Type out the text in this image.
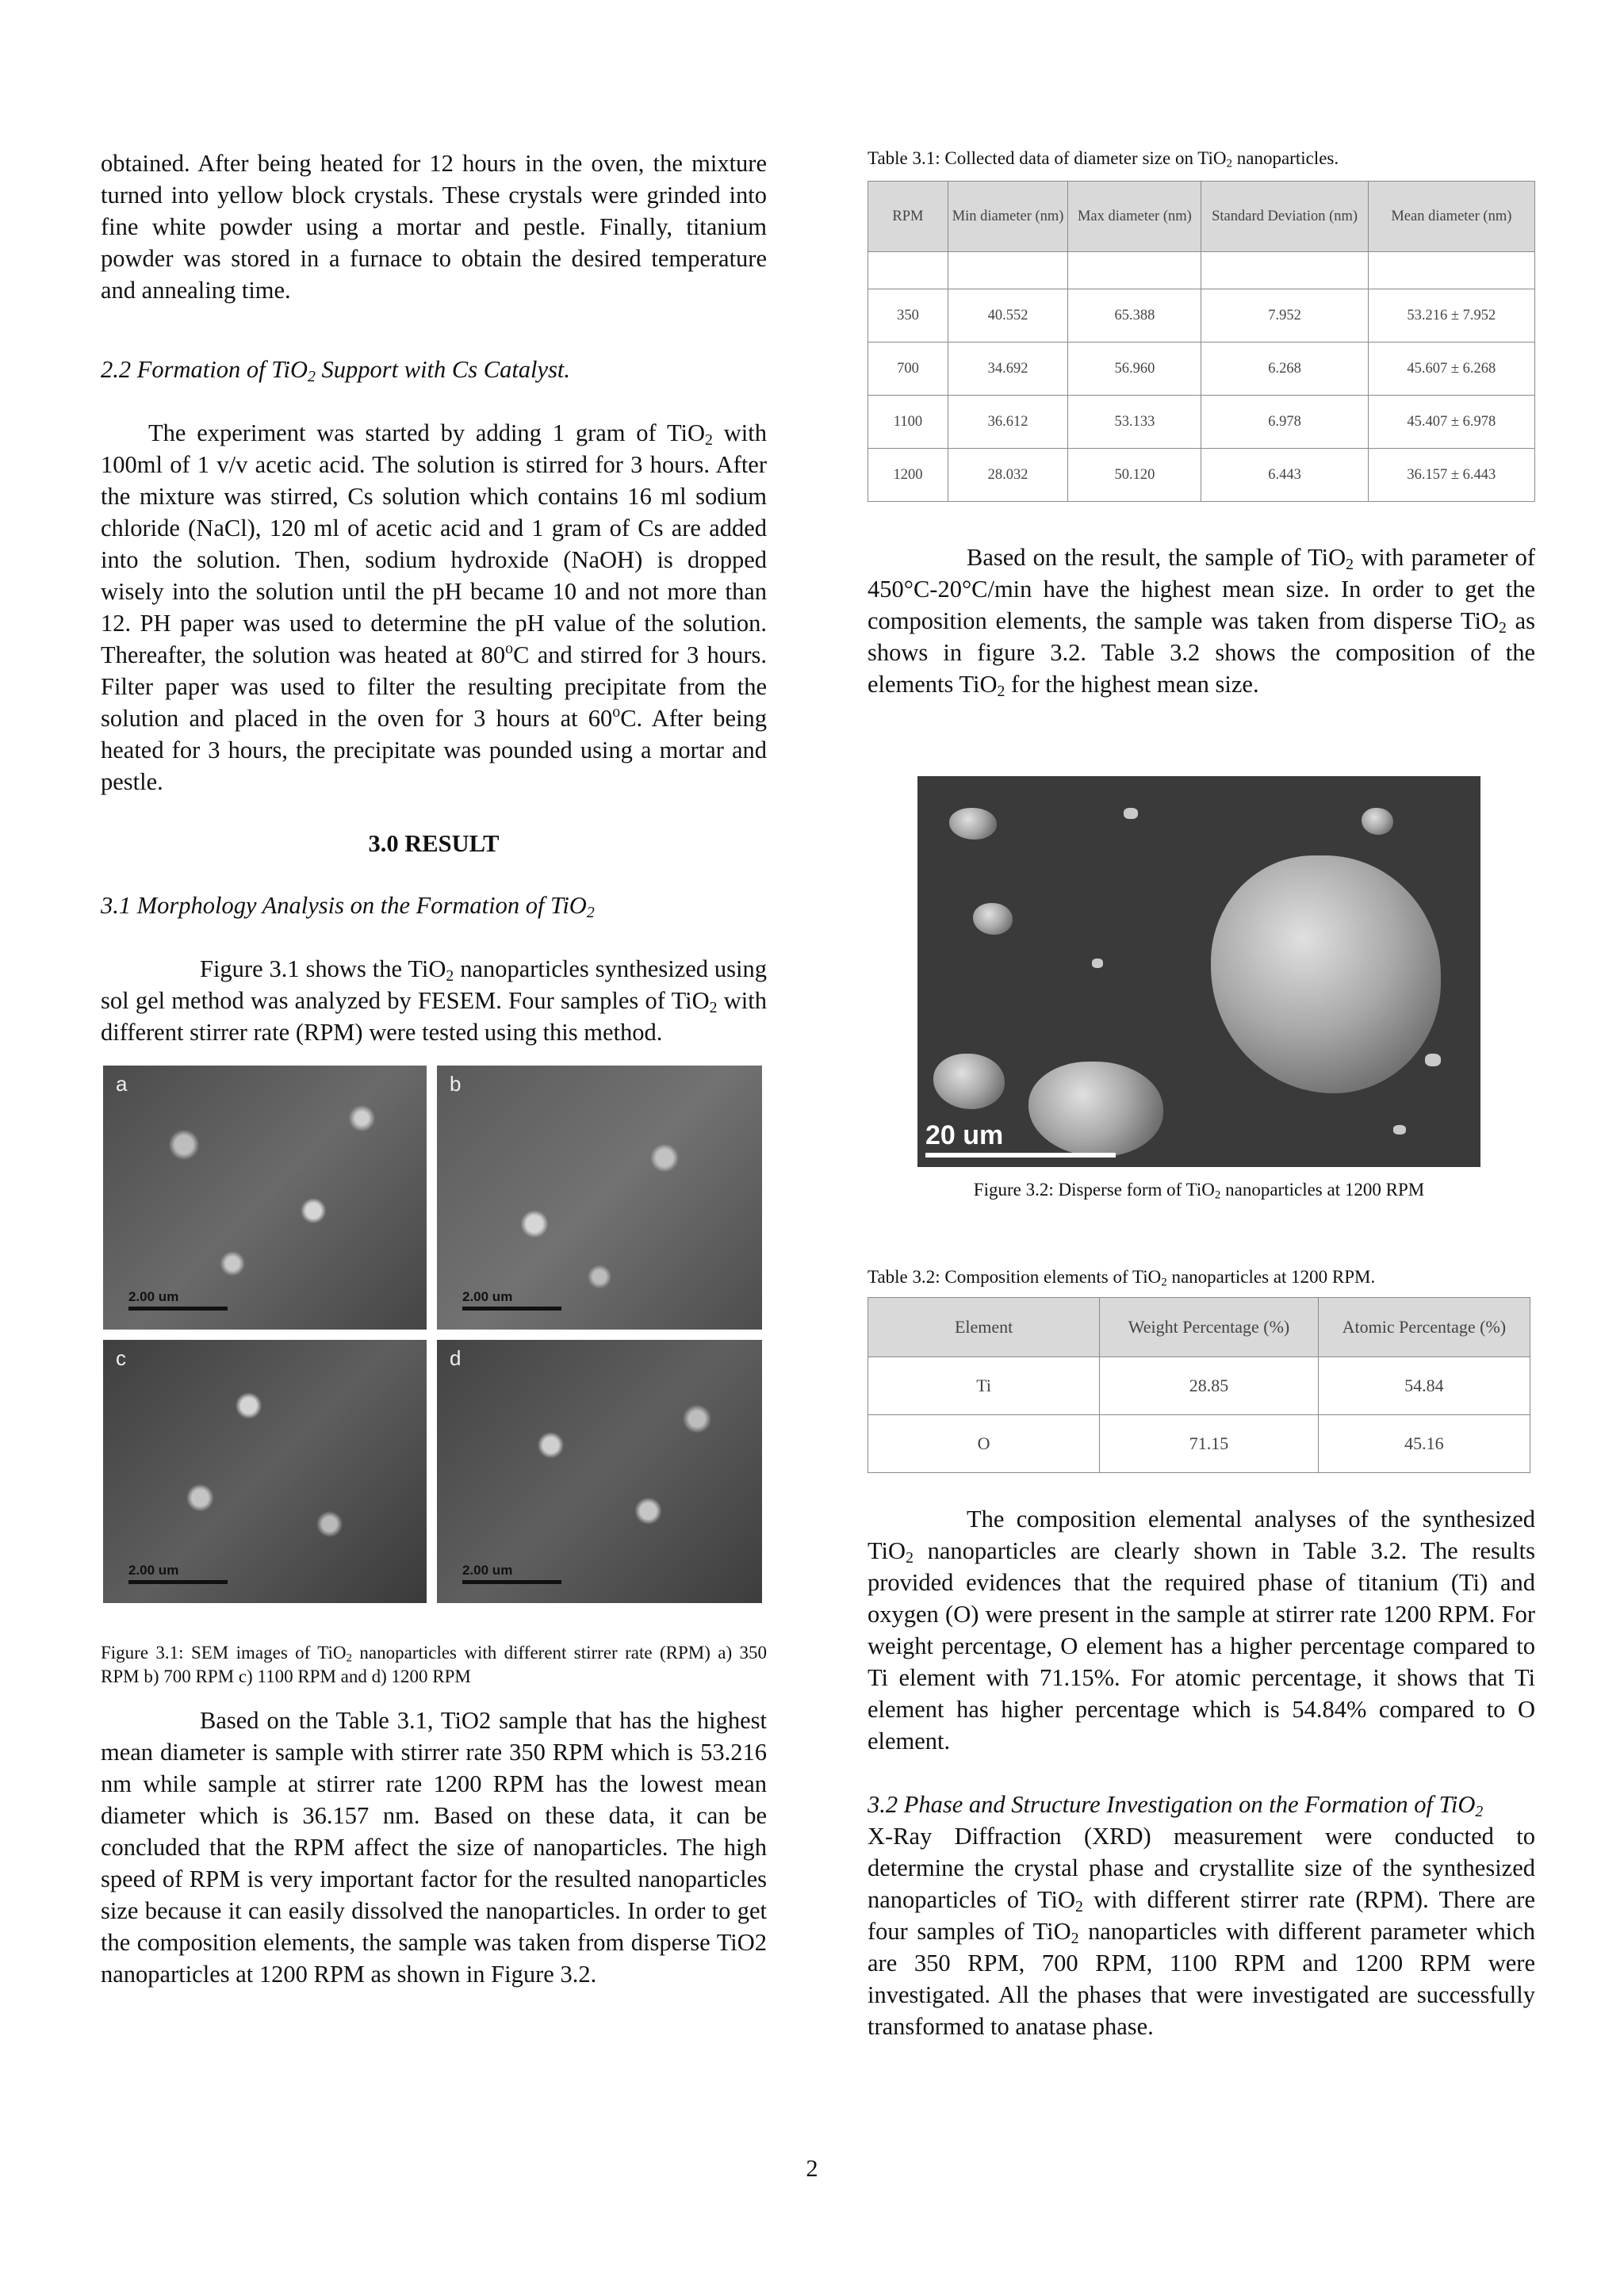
obtained. After being heated for 12 hours in the oven, the mixture turned into yellow block crystals. These crystals were grinded into fine white powder using a mortar and pestle. Finally, titanium powder was stored in a furnace to obtain the desired temperature and annealing time.

2.2 Formation of TiO$_2$ Support with Cs Catalyst.

The experiment was started by adding 1 gram of TiO$_2$ with 100ml of 1 v/v acetic acid. The solution is stirred for 3 hours. After the mixture was stirred, Cs solution which contains 16 ml sodium chloride (NaCl), 120 ml of acetic acid and 1 gram of Cs are added into the solution. Then, sodium hydroxide (NaOH) is dropped wisely into the solution until the pH became 10 and not more than 12. PH paper was used to determine the pH value of the solution. Thereafter, the solution was heated at 80$^o$C and stirred for 3 hours. Filter paper was used to filter the resulting precipitate from the solution and placed in the oven for 3 hours at 60$^o$C. After being heated for 3 hours, the precipitate was pounded using a mortar and pestle.

3.0 RESULT

3.1 Morphology Analysis on the Formation of TiO$_2$

Figure 3.1 shows the TiO$_2$ nanoparticles synthesized using sol gel method was analyzed by FESEM. Four samples of TiO$_2$ with different stirrer rate (RPM) were tested using this method.

a
2.00 um
b
2.00 um
c
2.00 um
d
2.00 um

Figure 3.1: SEM images of TiO$_2$ nanoparticles with different stirrer rate (RPM) a) 350 RPM b) 700 RPM c) 1100 RPM and d) 1200 RPM

Based on the Table 3.1, TiO2 sample that has the highest mean diameter is sample with stirrer rate 350 RPM which is 53.216 nm while sample at stirrer rate 1200 RPM has the lowest mean diameter which is 36.157 nm. Based on these data, it can be concluded that the RPM affect the size of nanoparticles. The high speed of RPM is very important factor for the resulted nanoparticles size because it can easily dissolved the nanoparticles. In order to get the composition elements, the sample was taken from disperse TiO2 nanoparticles at 1200 RPM as shown in Figure 3.2.

Table 3.1: Collected data of diameter size on TiO$_2$ nanoparticles.

RPM	Min diameter (nm)	Max diameter (nm)	Standard Deviation (nm)	Mean diameter (nm)

350	40.552	65.388	7.952	53.216 ± 7.952
700	34.692	56.960	6.268	45.607 ± 6.268
1100	36.612	53.133	6.978	45.407 ± 6.978
1200	28.032	50.120	6.443	36.157 ± 6.443

Based on the result, the sample of TiO$_2$ with parameter of 450°C-20°C/min have the highest mean size. In order to get the composition elements, the sample was taken from disperse TiO$_2$ as shows in figure 3.2. Table 3.2 shows the composition of the elements TiO$_2$ for the highest mean size.

20 um

Figure 3.2: Disperse form of TiO$_2$ nanoparticles at 1200 RPM

Table 3.2: Composition elements of TiO$_2$ nanoparticles at 1200 RPM.

Element	Weight Percentage (%)	Atomic Percentage (%)
Ti	28.85	54.84
O	71.15	45.16

The composition elemental analyses of the synthesized TiO$_2$ nanoparticles are clearly shown in Table 3.2. The results provided evidences that the required phase of titanium (Ti) and oxygen (O) were present in the sample at stirrer rate 1200 RPM. For weight percentage, O element has a higher percentage compared to Ti element with 71.15%. For atomic percentage, it shows that Ti element has higher percentage which is 54.84% compared to O element.

3.2 Phase and Structure Investigation on the Formation of TiO$_2$

X-Ray Diffraction (XRD) measurement were conducted to determine the crystal phase and crystallite size of the synthesized nanoparticles of TiO$_2$ with different stirrer rate (RPM). There are four samples of TiO$_2$ nanoparticles with different parameter which are 350 RPM, 700 RPM, 1100 RPM and 1200 RPM were investigated. All the phases that were investigated are successfully transformed to anatase phase.

2
